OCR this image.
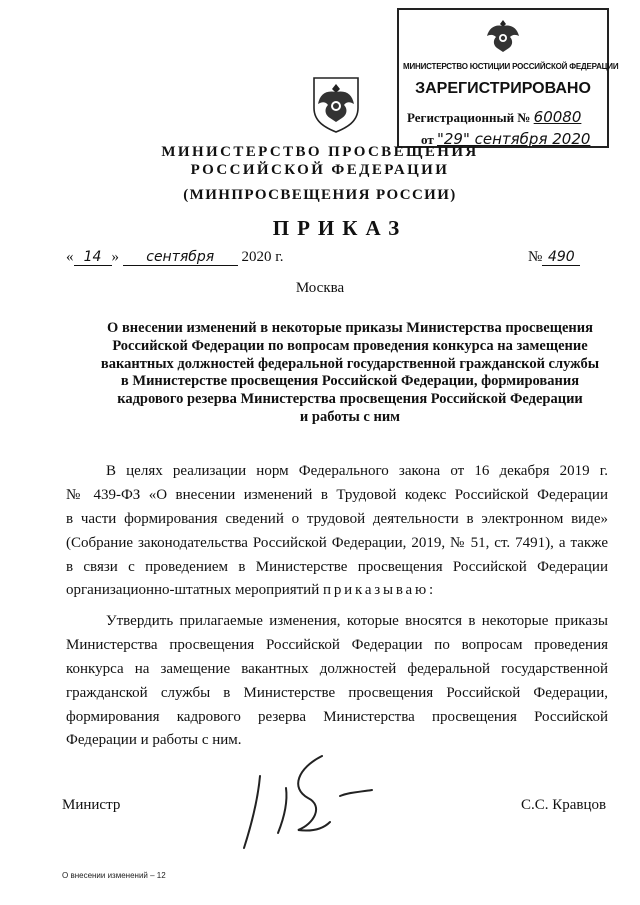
МИНИСТЕРСТВО ЮСТИЦИИ РОССИЙСКОЙ ФЕДЕРАЦИИ
ЗАРЕГИСТРИРОВАНО
Регистрационный № 60080
от "29" сентября 2020
МИНИСТЕРСТВО ПРОСВЕЩЕНИЯ
РОССИЙСКОЙ ФЕДЕРАЦИИ
(МИНПРОСВЕЩЕНИЯ РОССИИ)
ПРИКАЗ
« 14 » сентября 2020 г.	№ 490
Москва
О внесении изменений в некоторые приказы Министерства просвещения
Российской Федерации по вопросам проведения конкурса на замещение
вакантных должностей федеральной государственной гражданской службы
в Министерстве просвещения Российской Федерации, формирования
кадрового резерва Министерства просвещения Российской Федерации
и работы с ним
В целях реализации норм Федерального закона от 16 декабря 2019 г.
№ 439-ФЗ «О внесении изменений в Трудовой кодекс Российской Федерации
в части формирования сведений о трудовой деятельности в электронном виде»
(Собрание законодательства Российской Федерации, 2019, № 51, ст. 7491), а также
в связи с проведением в Министерстве просвещения Российской Федерации
организационно-штатных мероприятий приказываю:
Утвердить прилагаемые изменения, которые вносятся в некоторые приказы
Министерства просвещения Российской Федерации по вопросам проведения
конкурса на замещение вакантных должностей федеральной государственной
гражданской службы в Министерстве просвещения Российской Федерации,
формирования кадрового резерва Министерства просвещения Российской
Федерации и работы с ним.
Министр	С.С. Кравцов
О внесении изменений – 12
